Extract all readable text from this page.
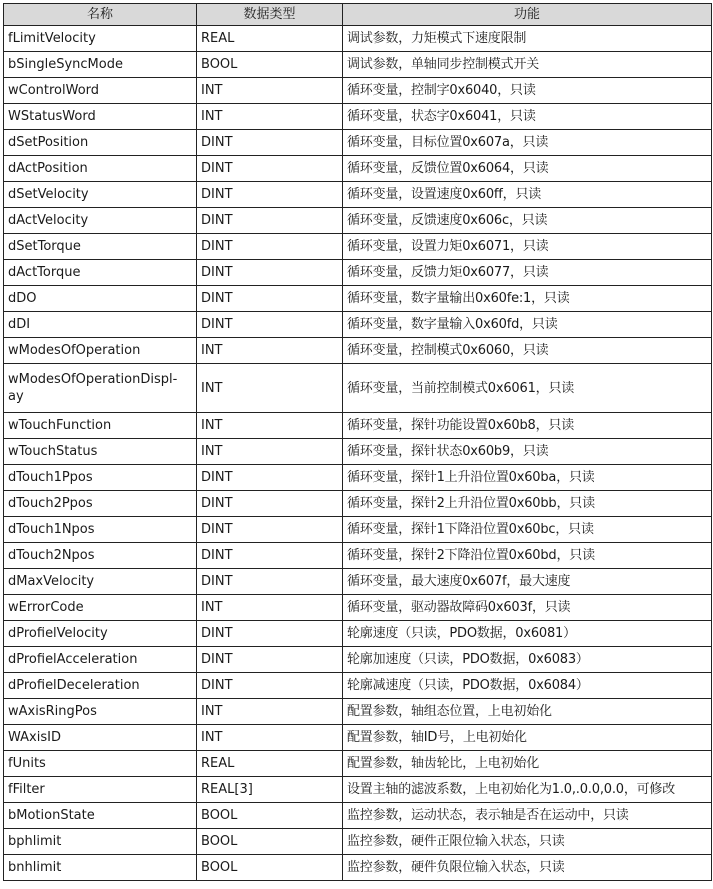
名称	数据类型	功能
fLimitVelocity	REAL	调试参数，力矩模式下速度限制
bSingleSyncMode	BOOL	调试参数，单轴同步控制模式开关
wControlWord	INT	循环变量，控制字0x6040，只读
WStatusWord	INT	循环变量，状态字0x6041，只读
dSetPosition	DINT	循环变量，目标位置0x607a，只读
dActPosition	DINT	循环变量，反馈位置0x6064，只读
dSetVelocity	DINT	循环变量，设置速度0x60ff，只读
dActVelocity	DINT	循环变量，反馈速度0x606c，只读
dSetTorque	DINT	循环变量，设置力矩0x6071，只读
dActTorque	DINT	循环变量，反馈力矩0x6077，只读
dDO	DINT	循环变量，数字量输出0x60fe:1，只读
dDI	DINT	循环变量，数字量输入0x60fd，只读
wModesOfOperation	INT	循环变量，控制模式0x6060，只读
wModesOfOperationDispl-
ay	INT	循环变量，当前控制模式0x6061，只读
wTouchFunction	INT	循环变量，探针功能设置0x60b8，只读
wTouchStatus	INT	循环变量，探针状态0x60b9，只读
dTouch1Ppos	DINT	循环变量，探针1上升沿位置0x60ba，只读
dTouch2Ppos	DINT	循环变量，探针2上升沿位置0x60bb，只读
dTouch1Npos	DINT	循环变量，探针1下降沿位置0x60bc，只读
dTouch2Npos	DINT	循环变量，探针2下降沿位置0x60bd，只读
dMaxVelocity	DINT	循环变量，最大速度0x607f，最大速度
wErrorCode	INT	循环变量，驱动器故障码0x603f，只读
dProfielVelocity	DINT	轮廓速度（只读，PDO数据，0x6081）
dProfielAcceleration	DINT	轮廓加速度（只读，PDO数据，0x6083）
dProfielDeceleration	DINT	轮廓减速度（只读，PDO数据，0x6084）
wAxisRingPos	INT	配置参数，轴组态位置，上电初始化
WAxisID	INT	配置参数，轴ID号，上电初始化
fUnits	REAL	配置参数，轴齿轮比，上电初始化
fFilter	REAL[3]	设置主轴的滤波系数，上电初始化为1.0,.0.0,0.0，可修改
bMotionState	BOOL	监控参数，运动状态，表示轴是否在运动中，只读
bphlimit	BOOL	监控参数，硬件正限位输入状态，只读
bnhlimit	BOOL	监控参数，硬件负限位输入状态，只读
